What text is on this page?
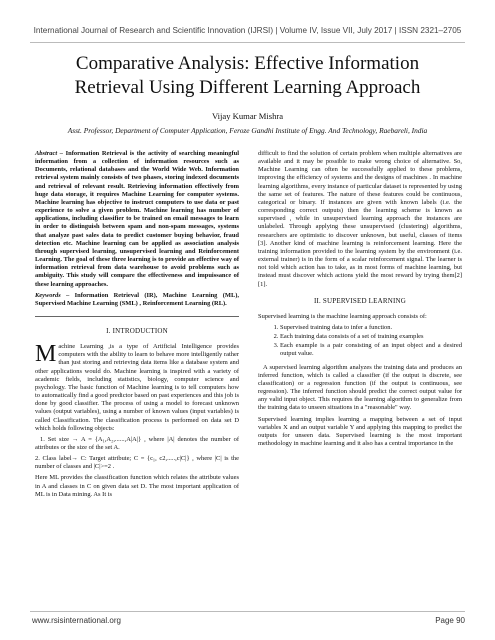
International Journal of Research and Scientific Innovation (IJRSI) | Volume IV, Issue VII, July 2017 | ISSN 2321–2705
Comparative Analysis: Effective Information
Retrieval Using Different Learning Approach
Vijay Kumar Mishra
Asst. Professor, Department of Computer Application, Feroze Gandhi Institute of Engg. And Technology, Raebareli, India

Abstract – Information Retrieval is the activity of searching meaningful information from a collection of information resources such as Documents, relational databases and the World Wide Web. Information retrieval system mainly consists of two phases, storing indexed documents and retrieval of relevant result. Retrieving information effectively from huge data storage, it requires Machine Learning for computer systems. Machine learning has objective to instruct computers to use data or past experience to solve a given problem. Machine learning has number of applications, including classifier to be trained on email messages to learn in order to distinguish between spam and non-spam messages, systems that analyze past sales data to predict customer buying behavior, fraud detection etc. Machine learning can be applied as association analysis through supervised learning, unsupervised learning and Reinforcement Learning. The goal of these three learning is to provide an effective way of information retrieval from data warehouse to avoid problems such as ambiguity. This study will compare the effectiveness and impuissance of these learning approaches.

Keywords – Information Retrieval (IR), Machine Learning (ML), Supervised Machine Learning (SML) , Reinforcement Learning (RL).

I. INTRODUCTION

Machine Learning ,is a type of Artificial Intelligence provides computers with the ability to learn to behave more intelligently rather than just storing and retrieving data items like a database system and other applications would do. Machine learning is inspired with a variety of academic fields, including statistics, biology, computer science and psychology. The basic function of Machine learning is to tell computers how to automatically find a good predictor based on past experiences and this job is done by good classifier. The process of using a model to forecast unknown values (output variables), using a number of known values (input variables) is called Classification. The classification process is performed on data set D which holds following objects:

1. Set size → A = {A₁,A₂,......,A|A|} , where |A| denotes the number of attributes or the size of the set A.

2. Class label→ C: Target attribute; C = {c₁, c2,.....,c|C|} , where |C| is the number of classes and |C|>=2 .

Here ML provides the classification function which relates the attribute values in A and classes in C on given data set D. The most important application of ML is in Data mining. As It is

difficult to find the solution of certain problem when multiple alternatives are available and it may be possible to make wrong choice of alternative. So, Machine Learning can often be successfully applied to these problems, improving the efficiency of systems and the designs of machines . In machine learning algorithms, every instance of particular dataset is represented by using the same set of features. The nature of these features could be continuous, categorical or binary. If instances are given with known labels (i.e. the corresponding correct outputs) then the learning scheme is known as supervised , while in unsupervised learning approach the instances are unlabeled. Through applying these unsupervised (clustering) algorithms, researchers are optimistic to discover unknown, but useful, classes of items [3]. Another kind of machine learning is reinforcement learning. Here the training information provided to the learning system by the environment (i.e. external trainer) is in the form of a scalar reinforcement signal. The learner is not told which action has to take, as in most forms of machine learning, but instead must discover which actions yield the most reward by trying them[2][1].

II. SUPERVISED LEARNING

Supervised learning is the machine learning approach consists of:

1. Supervised training data to infer a function.
2. Each training data consists of a set of training examples
3. Each example is a pair consisting of an input object and a desired output value.

A supervised learning algorithm analyzes the training data and produces an inferred function, which is called a classifier (if the output is discrete, see classification) or a regression function (if the output is continuous, see regression). The inferred function should predict the correct output value for any valid input object. This requires the learning algorithm to generalize from the training data to unseen situations in a "reasonable" way.

Supervised learning implies learning a mapping between a set of input variables X and an output variable Y and applying this mapping to predict the outputs for unseen data. Supervised learning is the most important methodology in machine learning and it also has a central importance in the

www.rsisinternational.org	Page 90
